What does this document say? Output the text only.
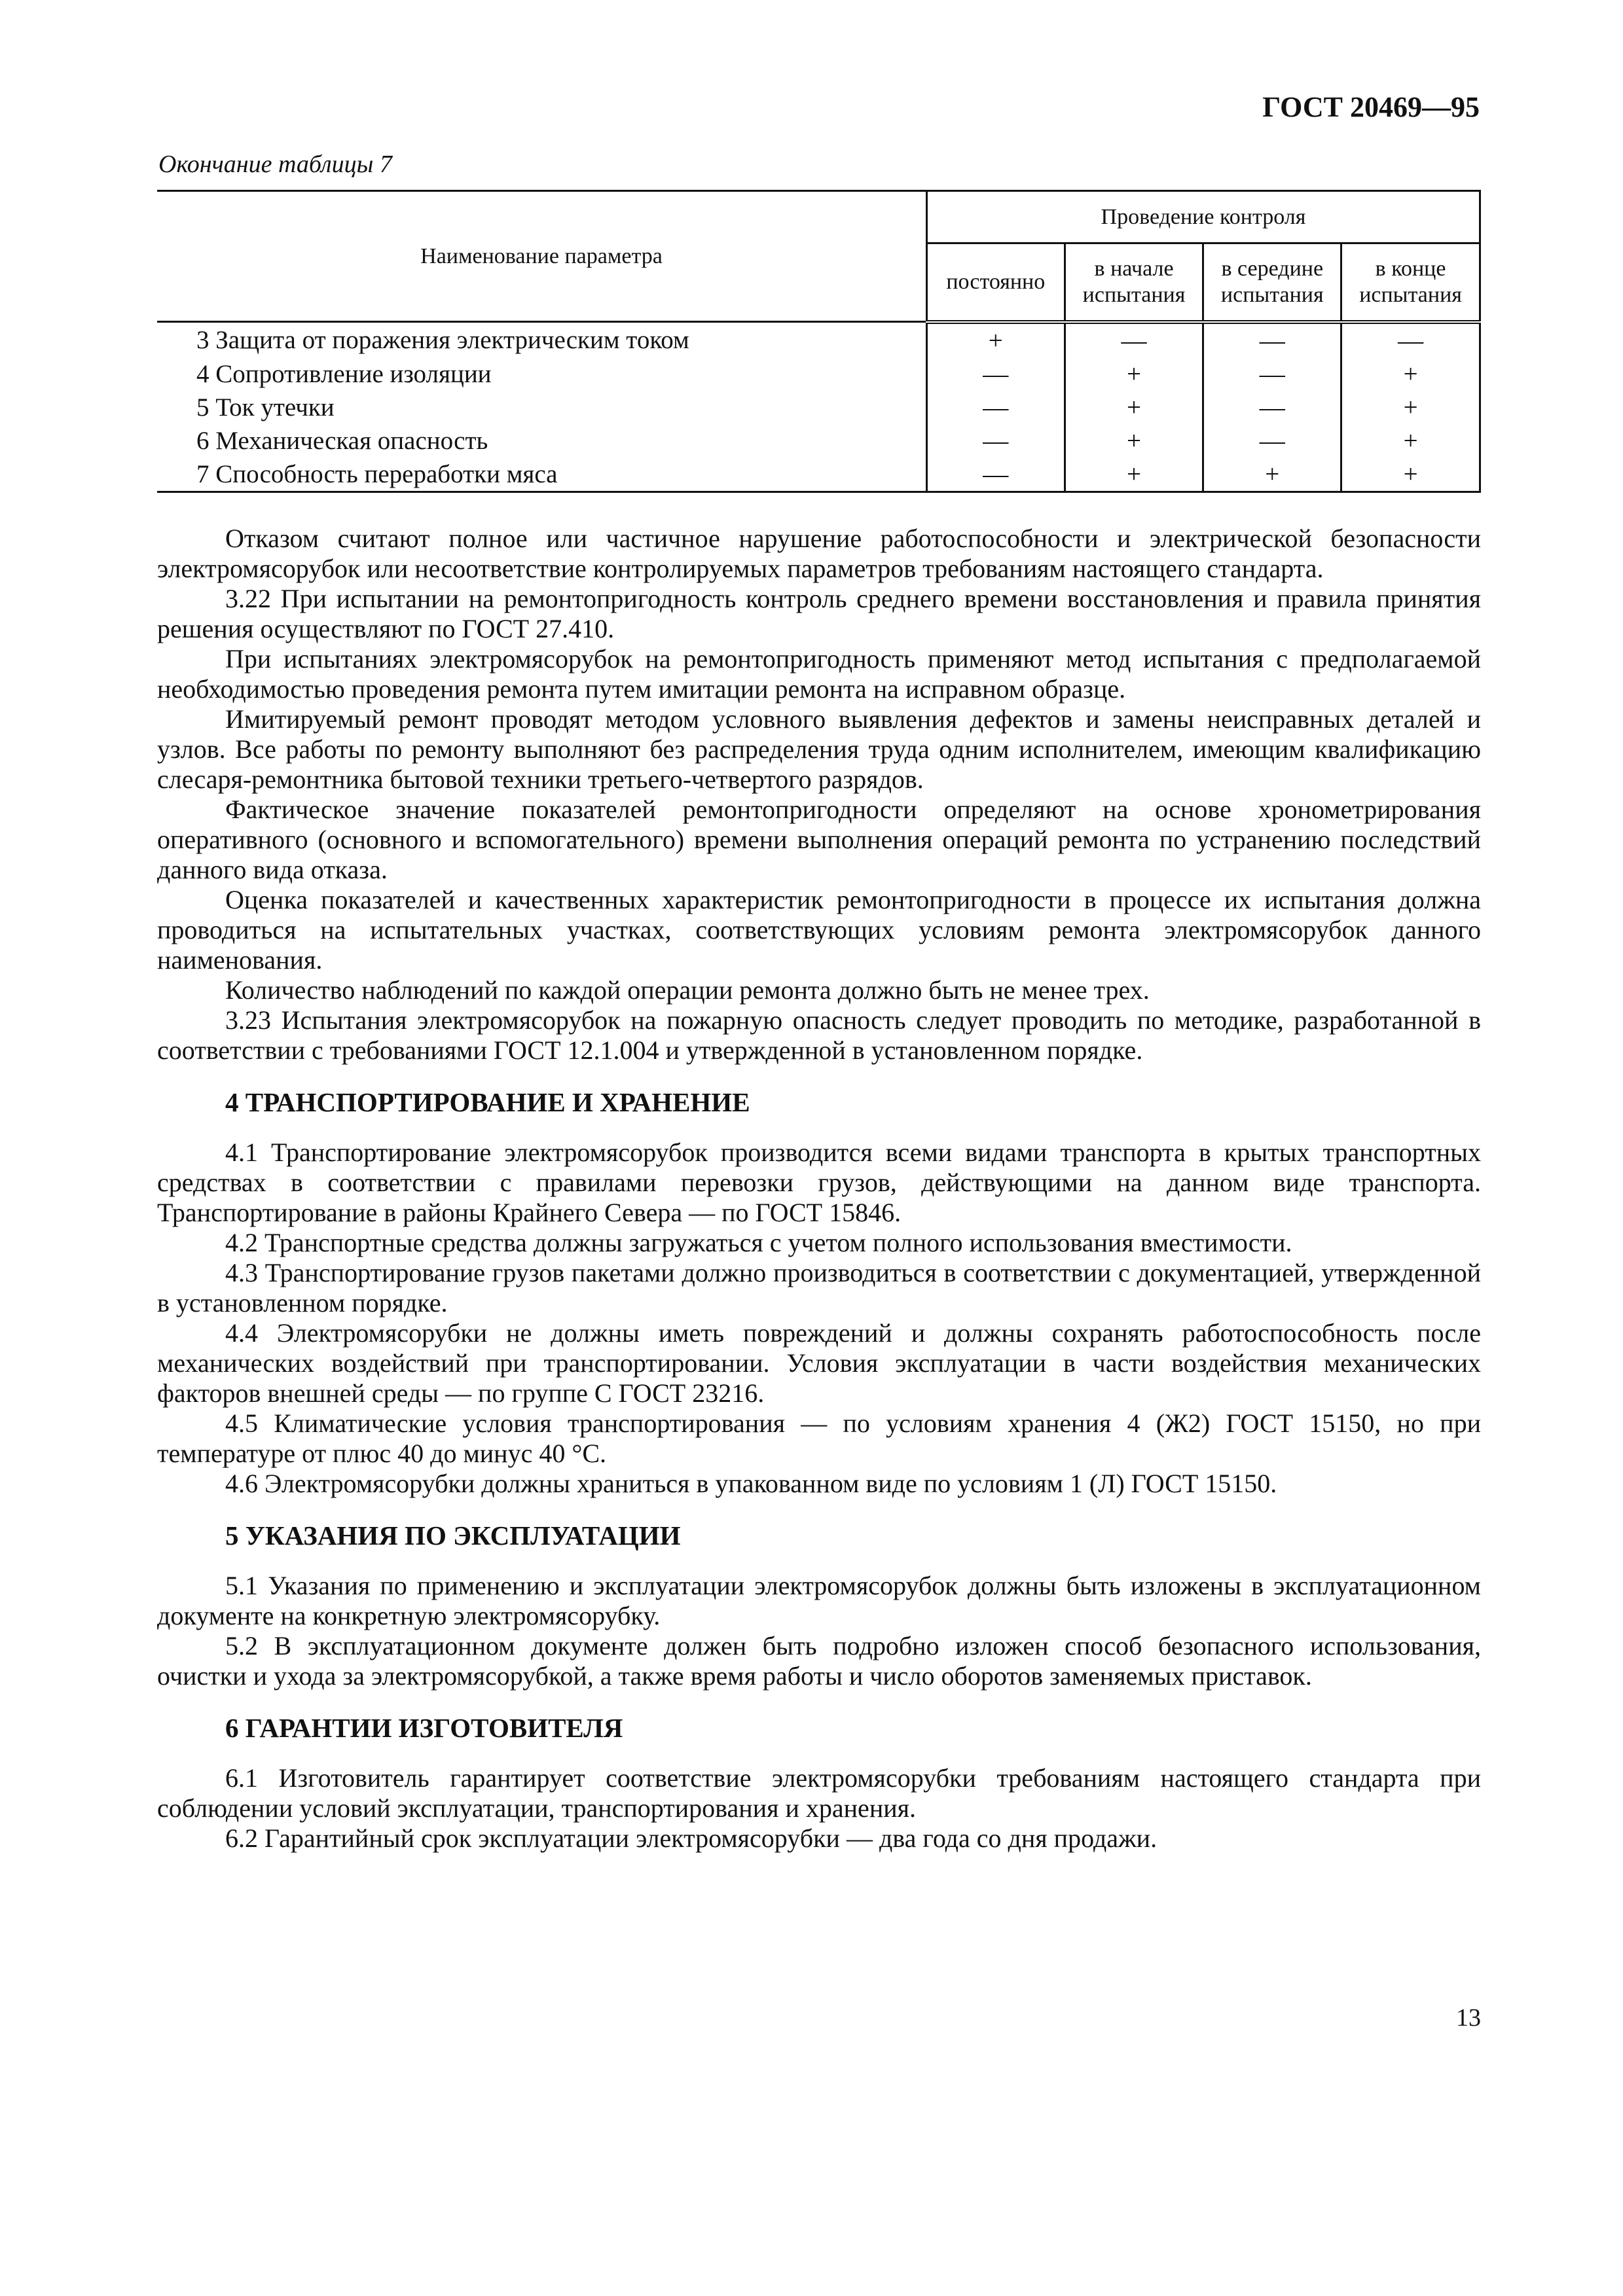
ГОСТ 20469—95
Окончание таблицы 7
Наименование параметра	Проведение контроля			
	постоянно	в начале испытания	в середине испытания	в конце испытания
3 Защита от поражения электрическим током	+	—	—	—
4 Сопротивление изоляции	—	+	—	+
5 Ток утечки	—	+	—	+
6 Механическая опасность	—	+	—	+
7 Способность переработки мяса	—	+	+	+

Отказом считают полное или частичное нарушение работоспособности и электрической безопасности электромясорубок или несоответствие контролируемых параметров требованиям настоящего стандарта.

3.22 При испытании на ремонтопригодность контроль среднего времени восстановления и правила принятия решения осуществляют по ГОСТ 27.410.

При испытаниях электромясорубок на ремонтопригодность применяют метод испытания с предполагаемой необходимостью проведения ремонта путем имитации ремонта на исправном образце.

Имитируемый ремонт проводят методом условного выявления дефектов и замены неисправных деталей и узлов. Все работы по ремонту выполняют без распределения труда одним исполнителем, имеющим квалификацию слесаря-ремонтника бытовой техники третьего-четвертого разрядов.

Фактическое значение показателей ремонтопригодности определяют на основе хронометрирования оперативного (основного и вспомогательного) времени выполнения операций ремонта по устранению последствий данного вида отказа.

Оценка показателей и качественных характеристик ремонтопригодности в процессе их испытания должна проводиться на испытательных участках, соответствующих условиям ремонта электромясорубок данного наименования.

Количество наблюдений по каждой операции ремонта должно быть не менее трех.

3.23 Испытания электромясорубок на пожарную опасность следует проводить по методике, разработанной в соответствии с требованиями ГОСТ 12.1.004 и утвержденной в установленном порядке.

4 ТРАНСПОРТИРОВАНИЕ И ХРАНЕНИЕ

4.1 Транспортирование электромясорубок производится всеми видами транспорта в крытых транспортных средствах в соответствии с правилами перевозки грузов, действующими на данном виде транспорта. Транспортирование в районы Крайнего Севера — по ГОСТ 15846.

4.2 Транспортные средства должны загружаться с учетом полного использования вместимости.

4.3 Транспортирование грузов пакетами должно производиться в соответствии с документацией, утвержденной в установленном порядке.

4.4 Электромясорубки не должны иметь повреждений и должны сохранять работоспособность после механических воздействий при транспортировании. Условия эксплуатации в части воздействия механических факторов внешней среды — по группе С ГОСТ 23216.

4.5 Климатические условия транспортирования — по условиям хранения 4 (Ж2) ГОСТ 15150, но при температуре от плюс 40 до минус 40 °С.

4.6 Электромясорубки должны храниться в упакованном виде по условиям 1 (Л) ГОСТ 15150.

5 УКАЗАНИЯ ПО ЭКСПЛУАТАЦИИ

5.1 Указания по применению и эксплуатации электромясорубок должны быть изложены в эксплуатационном документе на конкретную электромясорубку.

5.2 В эксплуатационном документе должен быть подробно изложен способ безопасного использования, очистки и ухода за электромясорубкой, а также время работы и число оборотов заменяемых приставок.

6 ГАРАНТИИ ИЗГОТОВИТЕЛЯ

6.1 Изготовитель гарантирует соответствие электромясорубки требованиям настоящего стандарта при соблюдении условий эксплуатации, транспортирования и хранения.

6.2 Гарантийный срок эксплуатации электромясорубки — два года со дня продажи.

13
